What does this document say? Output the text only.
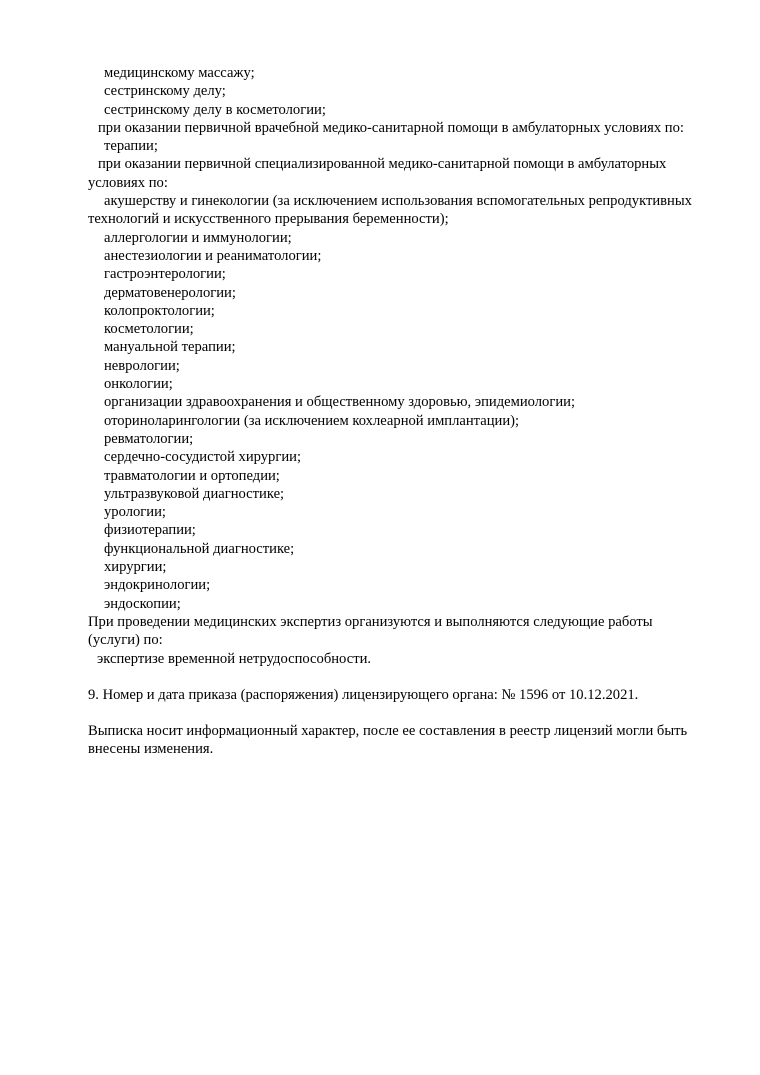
медицинскому массажу;
сестринскому делу;
сестринскому делу в косметологии;
при оказании первичной врачебной медико-санитарной помощи в амбулаторных условиях по:
терапии;
при оказании первичной специализированной медико-санитарной помощи в амбулаторных
условиях по:
акушерству и гинекологии (за исключением использования вспомогательных репродуктивных
технологий и искусственного прерывания беременности);
аллергологии и иммунологии;
анестезиологии и реаниматологии;
гастроэнтерологии;
дерматовенерологии;
колопроктологии;
косметологии;
мануальной терапии;
неврологии;
онкологии;
организации здравоохранения и общественному здоровью, эпидемиологии;
оториноларингологии (за исключением кохлеарной имплантации);
ревматологии;
сердечно-сосудистой хирургии;
травматологии и ортопедии;
ультразвуковой диагностике;
урологии;
физиотерапии;
функциональной диагностике;
хирургии;
эндокринологии;
эндоскопии;
При проведении медицинских экспертиз организуются и выполняются следующие работы
(услуги) по:
экспертизе временной нетрудоспособности.
9. Номер и дата приказа (распоряжения) лицензирующего органа: № 1596 от 10.12.2021.
Выписка носит информационный характер, после ее составления в реестр лицензий могли быть
внесены изменения.
